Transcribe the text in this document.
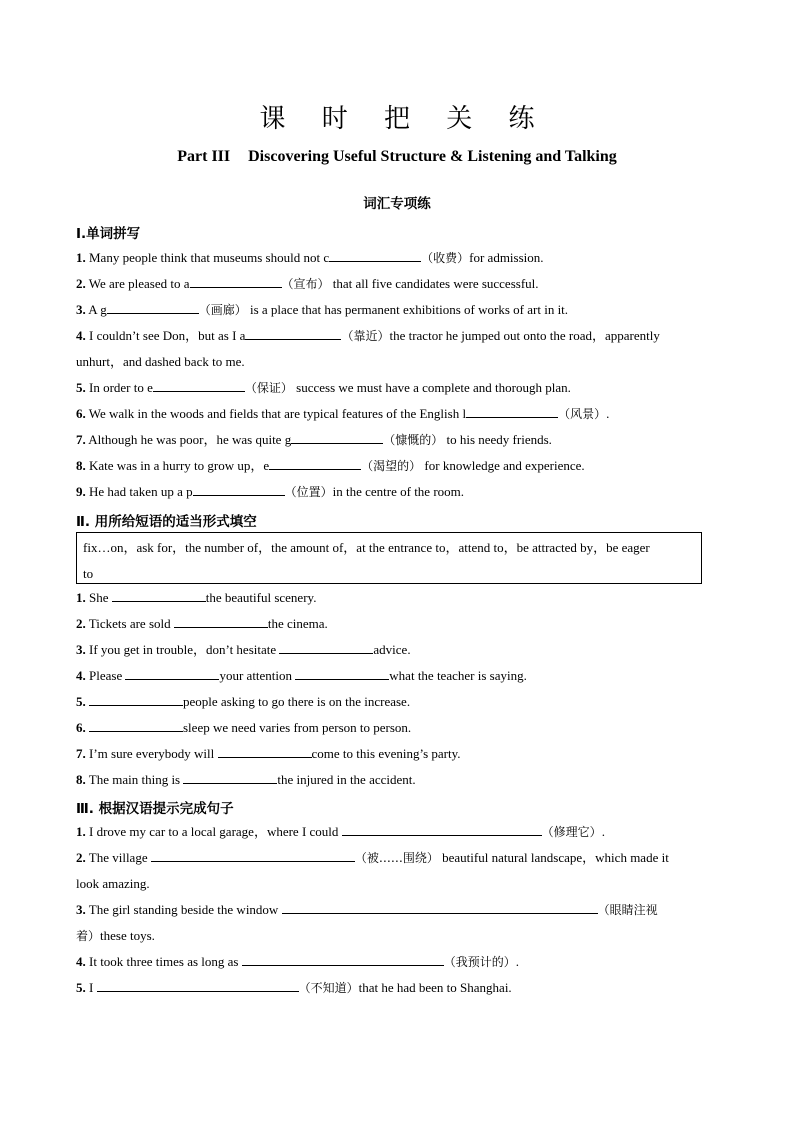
课 时 把 关 练
Part III Discovering Useful Structure & Listening and Talking
词汇专项练
Ⅰ.单词拼写
1. Many people think that museums should not c	（收费）for admission.
2. We are pleased to a	（宣布） that all five candidates were successful.
3. A g	（画廊） is a place that has permanent exhibitions of works of art in it.
4. I couldn’t see Don，but as I a	（靠近）the tractor he jumped out onto the road，apparently
unhurt，and dashed back to me.
5. In order to e	（保证） success we must have a complete and thorough plan.
6. We walk in the woods and fields that are typical features of the English l	（风景）.
7. Although he was poor，he was quite g	（慷慨的） to his needy friends.
8. Kate was in a hurry to grow up，e	（渴望的） for knowledge and experience.
9. He had taken up a p	（位置）in the centre of the room.
Ⅱ. 用所给短语的适当形式填空
fix…on，ask for，the number of，the amount of，at the entrance to，attend to，be attracted by，be eager
to
1. She	the beautiful scenery.
2. Tickets are sold	the cinema.
3. If you get in trouble，don’t hesitate	advice.
4. Please	your attention	what the teacher is saying.
5.	people asking to go there is on the increase.
6.	sleep we need varies from person to person.
7. I’m sure everybody will	come to this evening’s party.
8. The main thing is	the injured in the accident.
Ⅲ. 根据汉语提示完成句子
1. I drove my car to a local garage，where I could	（修理它）.
2. The village	（被……围绕） beautiful natural landscape，which made it
look amazing.
3. The girl standing beside the window	（眼睛注视
着）these toys.
4. It took three times as long as	（我预计的）.
5. I	（不知道）that he had been to Shanghai.
